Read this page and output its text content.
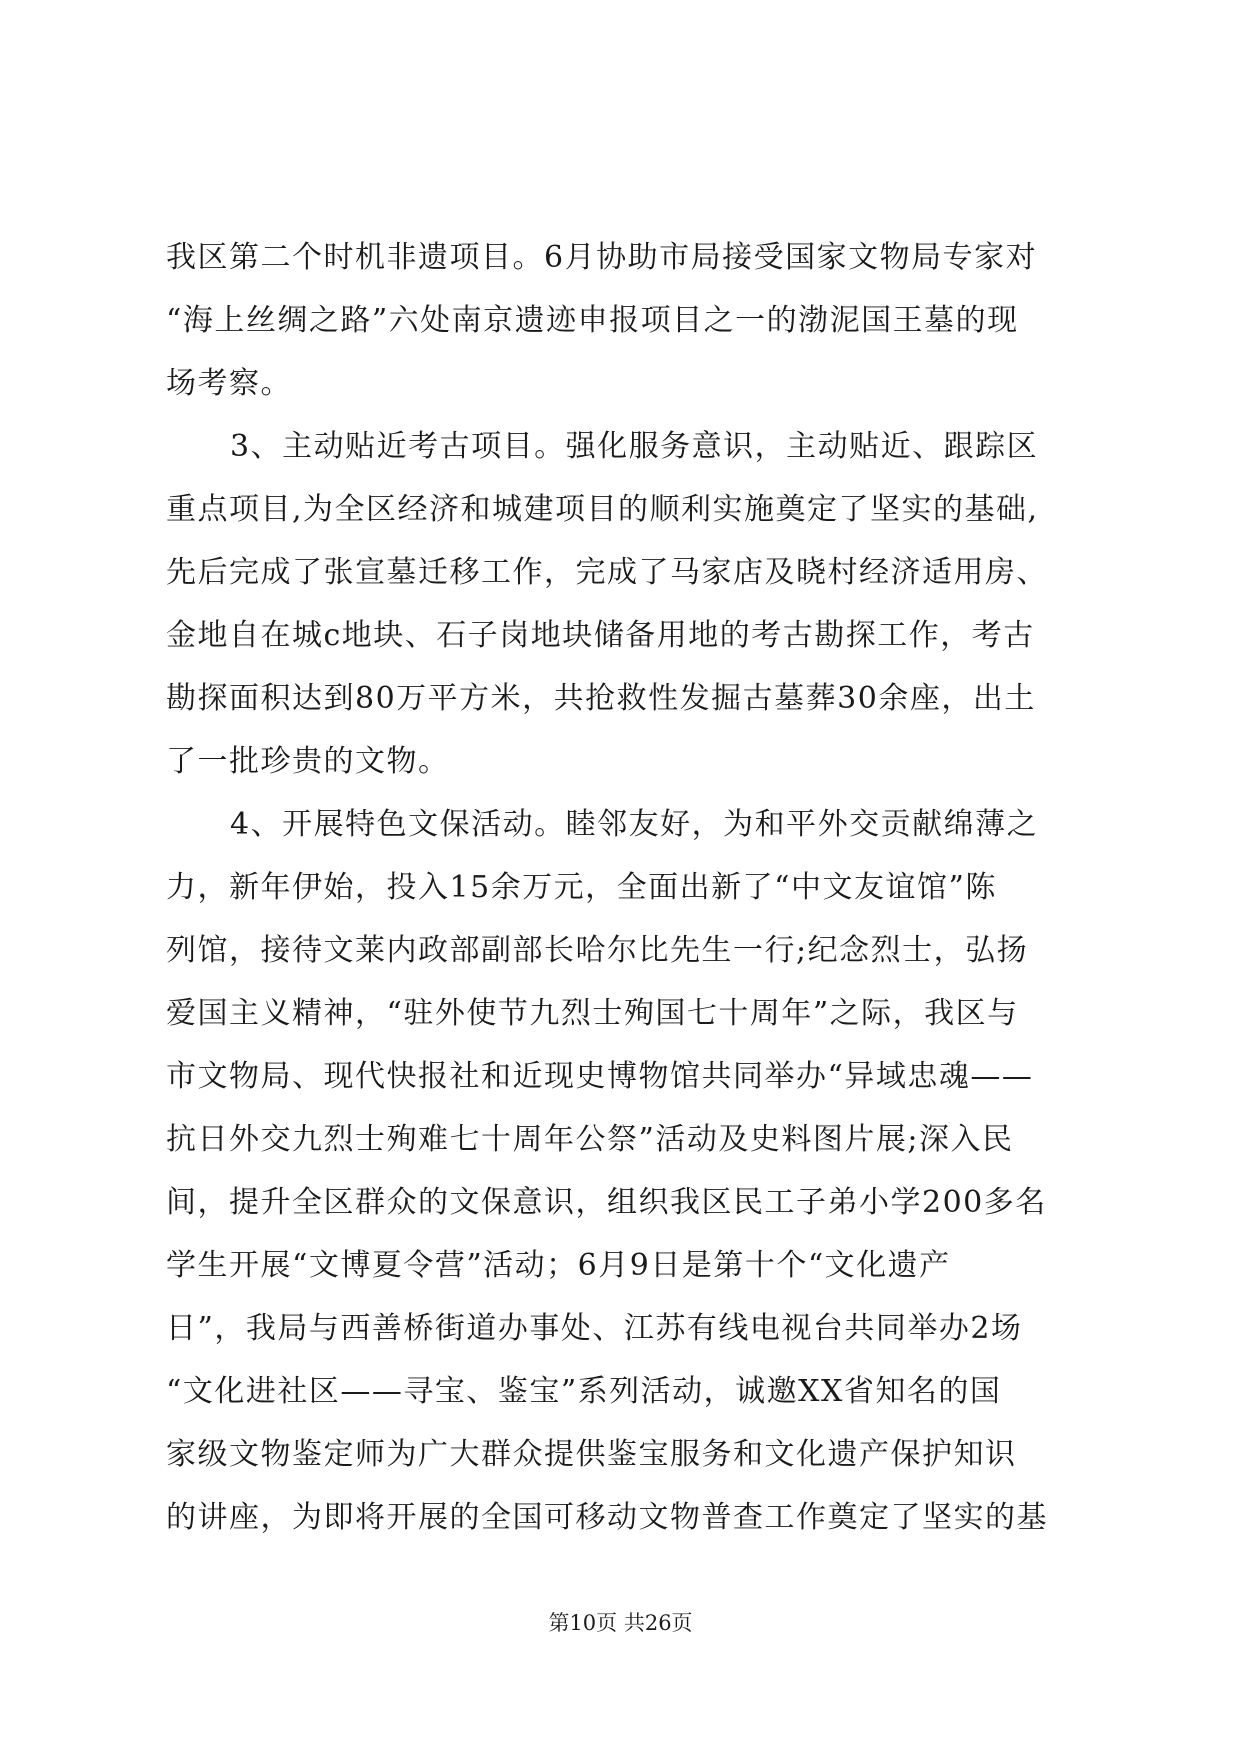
我区第二个时机非遗项目。6月协助市局接受国家文物局专家对
“海上丝绸之路”六处南京遗迹申报项目之一的渤泥国王墓的现
场考察。
3、主动贴近考古项目。强化服务意识，主动贴近、跟踪区
重点项目,为全区经济和城建项目的顺利实施奠定了坚实的基础,
先后完成了张宣墓迁移工作，完成了马家店及晓村经济适用房、
金地自在城c地块、石子岗地块储备用地的考古勘探工作，考古
勘探面积达到80万平方米，共抢救性发掘古墓葬30余座，出土
了一批珍贵的文物。
4、开展特色文保活动。睦邻友好，为和平外交贡献绵薄之
力，新年伊始，投入15余万元，全面出新了“中文友谊馆”陈
列馆，接待文莱内政部副部长哈尔比先生一行;纪念烈士，弘扬
爱国主义精神，“驻外使节九烈士殉国七十周年”之际，我区与
市文物局、现代快报社和近现史博物馆共同举办“异域忠魂——
抗日外交九烈士殉难七十周年公祭”活动及史料图片展;深入民
间，提升全区群众的文保意识，组织我区民工子弟小学200多名
学生开展“文博夏令营”活动；6月9日是第十个“文化遗产
日”，我局与西善桥街道办事处、江苏有线电视台共同举办2场
“文化进社区——寻宝、鉴宝”系列活动，诚邀XX省知名的国
家级文物鉴定师为广大群众提供鉴宝服务和文化遗产保护知识
的讲座，为即将开展的全国可移动文物普查工作奠定了坚实的基
第10页 共26页
